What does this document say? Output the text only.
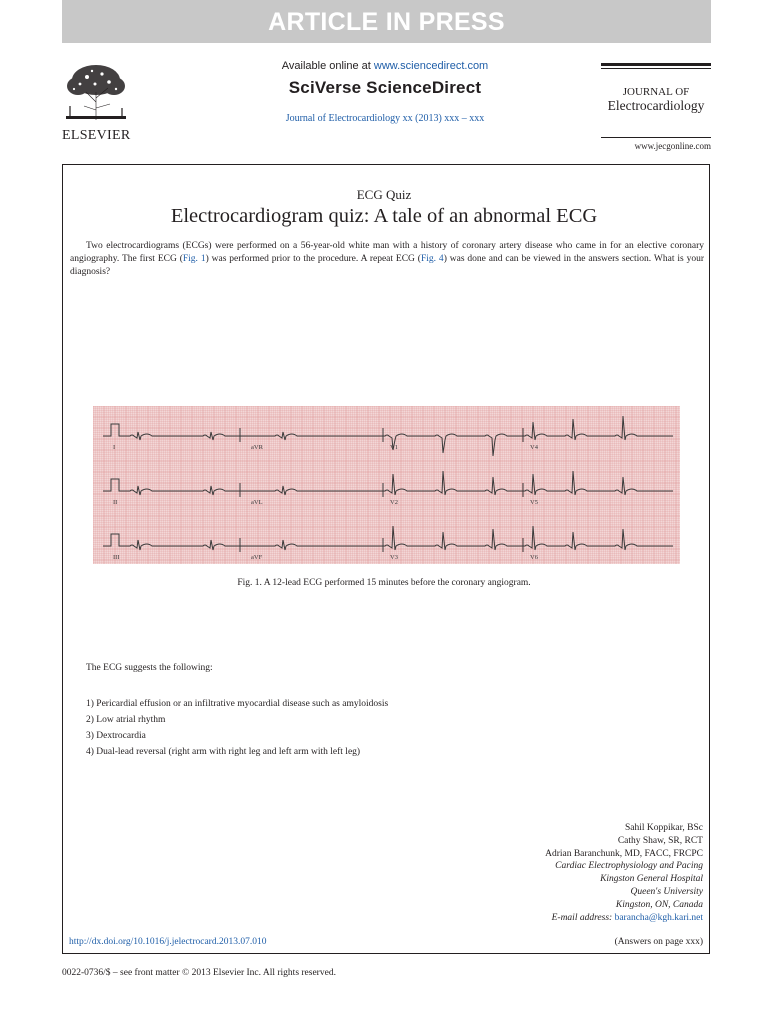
ARTICLE IN PRESS
ELSEVIER
Available online at www.sciencedirect.com
SciVerse ScienceDirect
Journal of Electrocardiology xx (2013) xxx – xxx
JOURNAL OF
Electrocardiology
www.jecgonline.com
ECG Quiz
Electrocardiogram quiz: A tale of an abnormal ECG
Two electrocardiograms (ECGs) were performed on a 56-year-old white man with a history of coronary artery disease who came in for an elective coronary angiography. The first ECG (Fig. 1) was performed prior to the procedure. A repeat ECG (Fig. 4) was done and can be viewed in the answers section. What is your diagnosis?
I	aVR	V1	V4
II	aVL	V2	V5
III	aVF	V3	V6
Fig. 1. A 12-lead ECG performed 15 minutes before the coronary angiogram.
The ECG suggests the following:
1) Pericardial effusion or an infiltrative myocardial disease such as amyloidosis
2) Low atrial rhythm
3) Dextrocardia
4) Dual-lead reversal (right arm with right leg and left arm with left leg)
Sahil Koppikar, BSc
Cathy Shaw, SR, RCT
Adrian Baranchunk, MD, FACC, FRCPC
Cardiac Electrophysiology and Pacing
Kingston General Hospital
Queen's University
Kingston, ON, Canada
E-mail address: barancha@kgh.kari.net
http://dx.doi.org/10.1016/j.jelectrocard.2013.07.010	(Answers on page xxx)
0022-0736/$ – see front matter © 2013 Elsevier Inc. All rights reserved.
